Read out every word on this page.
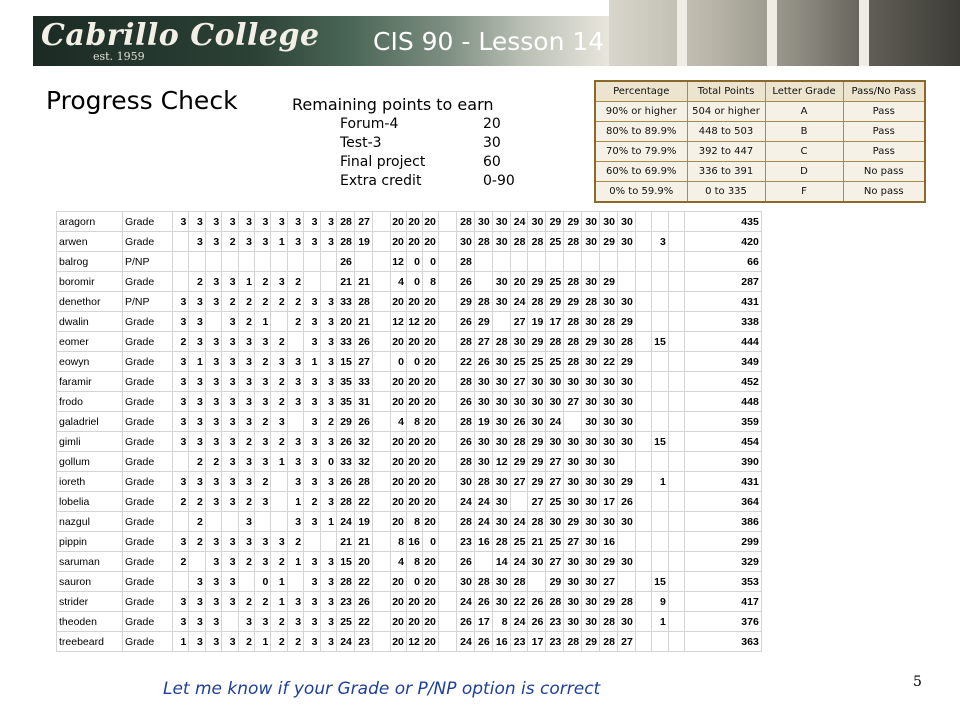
Cabrillo College
est. 1959
CIS 90 - Lesson 14
Progress Check	Remaining points to earn
Forum-4	20
Test-3	30
Final project	60
Extra credit	0-90
Percentage	Total Points	Letter Grade	Pass/No Pass
90% or higher	504 or higher	A	Pass
80% to 89.9%	448 to 503	B	Pass
70% to 79.9%	392 to 447	C	Pass
60% to 69.9%	336 to 391	D	No pass
0% to 59.9%	0 to 335	F	No pass
aragorn	Grade	3	3	3	3	3	3	3	3	3	3	28	27		20	20	20		28	30	30	24	30	29	29	30	30	30				435
arwen	Grade		3	3	2	3	3	1	3	3	3	28	19		20	20	20		30	28	30	28	28	25	28	30	29	30		3		420
balrog	P/NP											26			12	0	0		28													66
boromir	Grade		2	3	3	1	2	3	2			21	21		4	0	8		26		30	20	29	25	28	30	29					287
denethor	P/NP	3	3	3	2	2	2	2	2	3	3	33	28		20	20	20		29	28	30	24	28	29	29	28	30	30				431
dwalin	Grade	3	3		3	2	1		2	3	3	20	21		12	12	20		26	29		27	19	17	28	30	28	29				338
eomer	Grade	2	3	3	3	3	3	2		3	3	33	26		20	20	20		28	27	28	30	29	28	28	29	30	28		15		444
eowyn	Grade	3	1	3	3	3	2	3	3	1	3	15	27		0	0	20		22	26	30	25	25	25	28	30	22	29				349
faramir	Grade	3	3	3	3	3	3	2	3	3	3	35	33		20	20	20		28	30	30	27	30	30	30	30	30	30				452
frodo	Grade	3	3	3	3	3	3	2	3	3	3	35	31		20	20	20		26	30	30	30	30	30	27	30	30	30				448
galadriel	Grade	3	3	3	3	3	2	3		3	2	29	26		4	8	20		28	19	30	26	30	24		30	30	30				359
gimli	Grade	3	3	3	3	2	3	2	3	3	3	26	32		20	20	20		26	30	30	28	29	30	30	30	30	30		15		454
gollum	Grade		2	2	3	3	3	1	3	3	0	33	32		20	20	20		28	30	12	29	29	27	30	30	30					390
ioreth	Grade	3	3	3	3	3	2		3	3	3	26	28		20	20	20		30	28	30	27	29	27	30	30	30	29		1		431
lobelia	Grade	2	2	3	3	2	3		1	2	3	28	22		20	20	20		24	24	30		27	25	30	30	17	26				364
nazgul	Grade		2			3			3	3	1	24	19		20	8	20		28	24	30	24	28	30	29	30	30	30				386
pippin	Grade	3	2	3	3	3	3	3	2			21	21		8	16	0		23	16	28	25	21	25	27	30	16					299
saruman	Grade	2		3	3	2	3	2	1	3	3	15	20		4	8	20		26		14	24	30	27	30	30	29	30				329
sauron	Grade		3	3	3		0	1		3	3	28	22		20	0	20		30	28	30	28		29	30	30	27			15		353
strider	Grade	3	3	3	3	2	2	1	3	3	3	23	26		20	20	20		24	26	30	22	26	28	30	30	29	28		9		417
theoden	Grade	3	3	3		3	3	2	3	3	3	25	22		20	20	20		26	17	8	24	26	23	30	30	28	30		1		376
treebeard	Grade	1	3	3	3	2	1	2	2	3	3	24	23		20	12	20		24	26	16	23	17	23	28	29	28	27				363
Let me know if your Grade or P/NP option is correct	5
